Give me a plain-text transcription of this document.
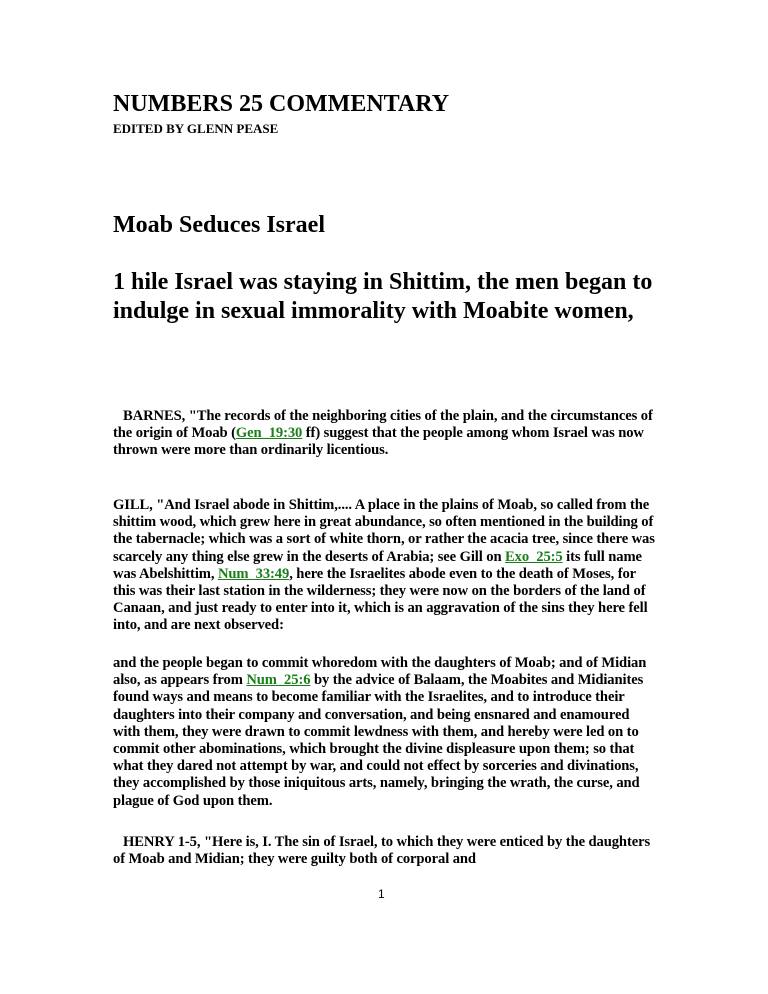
NUMBERS 25 COMMENTARY
EDITED BY GLENN PEASE
Moab Seduces Israel

1 hile Israel was staying in Shittim, the men began to indulge in sexual immorality with Moabite women,

BARNES, "The records of the neighboring cities of the plain, and the circumstances of the origin of Moab (Gen_19:30 ff) suggest that the people among whom Israel was now thrown were more than ordinarily licentious.

GILL, "And Israel abode in Shittim,.... A place in the plains of Moab, so called from the shittim wood, which grew here in great abundance, so often mentioned in the building of the tabernacle; which was a sort of white thorn, or rather the acacia tree, since there was scarcely any thing else grew in the deserts of Arabia; see Gill on Exo_25:5 its full name was Abelshittim, Num_33:49, here the Israelites abode even to the death of Moses, for this was their last station in the wilderness; they were now on the borders of the land of Canaan, and just ready to enter into it, which is an aggravation of the sins they here fell into, and are next observed:

and the people began to commit whoredom with the daughters of Moab; and of Midian also, as appears from Num_25:6 by the advice of Balaam, the Moabites and Midianites found ways and means to become familiar with the Israelites, and to introduce their daughters into their company and conversation, and being ensnared and enamoured with them, they were drawn to commit lewdness with them, and hereby were led on to commit other abominations, which brought the divine displeasure upon them; so that what they dared not attempt by war, and could not effect by sorceries and divinations, they accomplished by those iniquitous arts, namely, bringing the wrath, the curse, and plague of God upon them.

HENRY 1-5, "Here is, I. The sin of Israel, to which they were enticed by the daughters of Moab and Midian; they were guilty both of corporal and

1
